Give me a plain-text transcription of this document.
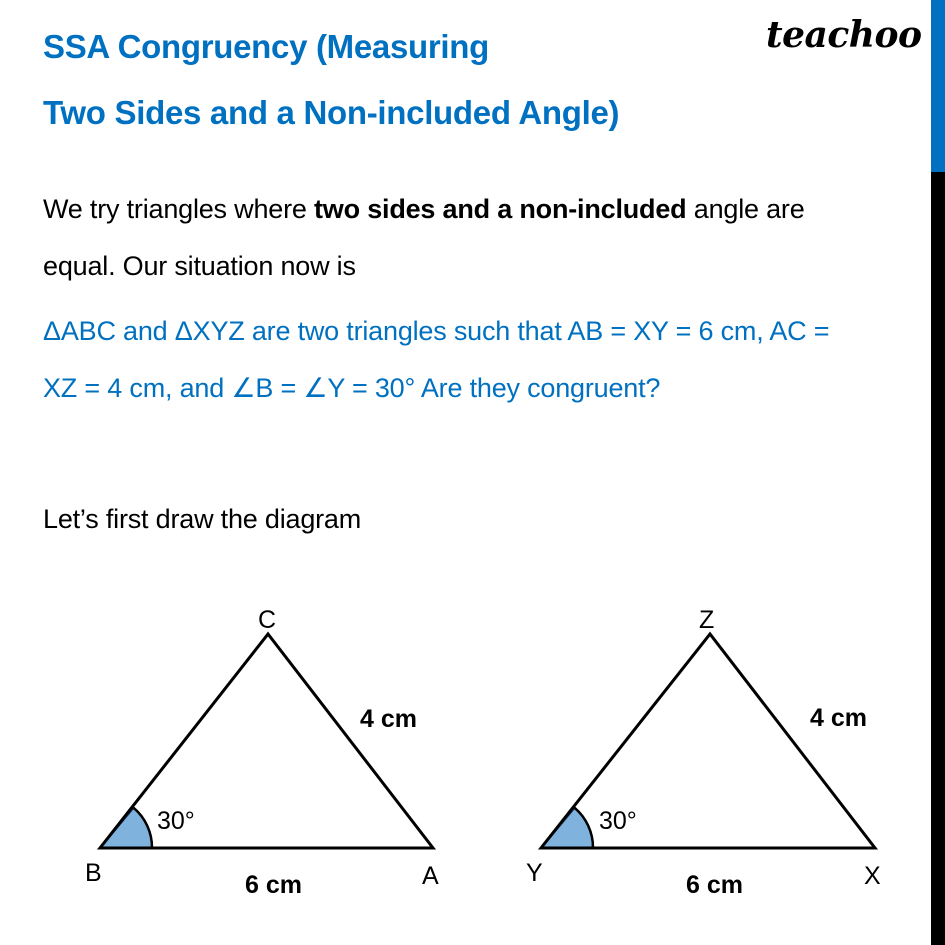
SSA Congruency (Measuring
Two Sides and a Non-included Angle)
teachoo
We try triangles where two sides and a non-included angle are
equal. Our situation now is
ΔABC and ΔXYZ are two triangles such that AB = XY = 6 cm, AC =
XZ = 4 cm, and ∠B = ∠Y = 30° Are they congruent?
Let’s first draw the diagram
C
B	A
4 cm
6 cm
30°
Z
Y	X
4 cm
6 cm
30°
